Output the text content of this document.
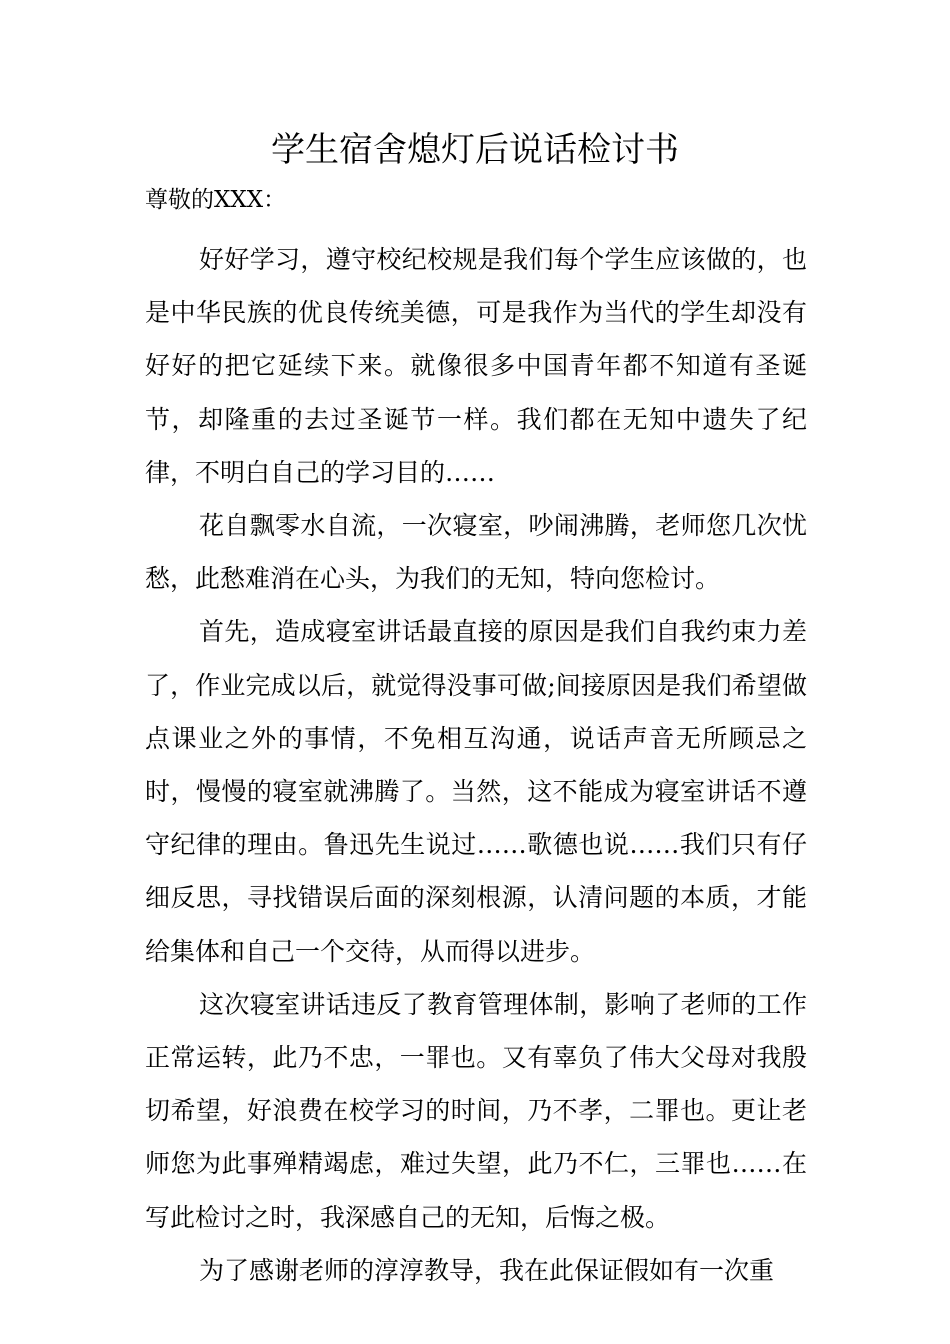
学生宿舍熄灯后说话检讨书

尊敬的XXX：

好好学习，遵守校纪校规是我们每个学生应该做的，也是中华民族的优良传统美德，可是我作为当代的学生却没有好好的把它延续下来。就像很多中国青年都不知道有圣诞节，却隆重的去过圣诞节一样。我们都在无知中遗失了纪律，不明白自己的学习目的……

花自飘零水自流，一次寝室，吵闹沸腾，老师您几次忧愁，此愁难消在心头，为我们的无知，特向您检讨。

首先，造成寝室讲话最直接的原因是我们自我约束力差了，作业完成以后，就觉得没事可做;间接原因是我们希望做点课业之外的事情，不免相互沟通，说话声音无所顾忌之时，慢慢的寝室就沸腾了。当然，这不能成为寝室讲话不遵守纪律的理由。鲁迅先生说过……歌德也说……我们只有仔细反思，寻找错误后面的深刻根源，认清问题的本质，才能给集体和自己一个交待，从而得以进步。

这次寝室讲话违反了教育管理体制，影响了老师的工作正常运转，此乃不忠，一罪也。又有辜负了伟大父母对我殷切希望，好浪费在校学习的时间，乃不孝，二罪也。更让老师您为此事殚精竭虑，难过失望，此乃不仁，三罪也……在写此检讨之时，我深感自己的无知，后悔之极。

为了感谢老师的淳淳教导，我在此保证假如有一次重
